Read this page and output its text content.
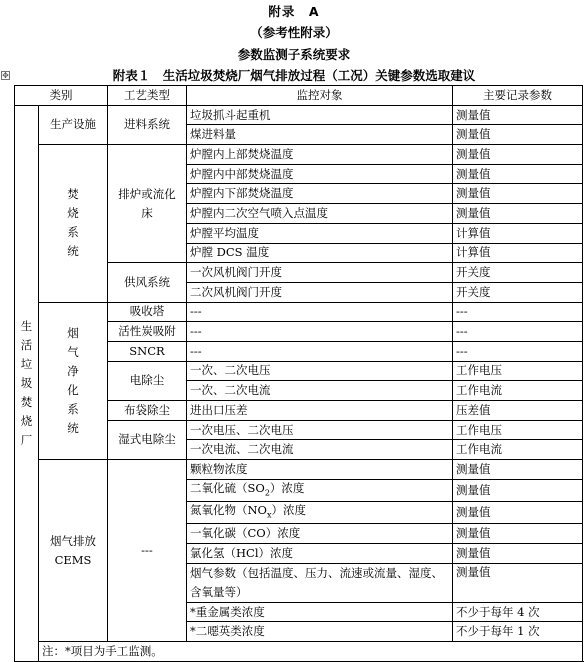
附录　A
（参考性附录）
参数监测子系统要求
✥	附表１　生活垃圾焚烧厂烟气排放过程（工况）关键参数选取建议
类别		工艺类型	监控对象	主要记录参数
生活垃圾焚烧厂	生产设施	进料系统	垃圾抓斗起重机	测量值
			煤进料量	测量值
	焚烧系统	排炉或流化床	炉膛内上部焚烧温度	测量值
			炉膛内中部焚烧温度	测量值
			炉膛内下部焚烧温度	测量值
			炉膛内二次空气喷入点温度	测量值
			炉膛平均温度	计算值
			炉膛 DCS 温度	计算值
		供风系统	一次风机阀门开度	开关度
			二次风机阀门开度	开关度
	烟气净化系统	吸收塔	---	---
		活性炭吸附	---	---
		SNCR	---	---
		电除尘	一次、二次电压	工作电压
			一次、二次电流	工作电流
		布袋除尘	进出口压差	压差值
		湿式电除尘	一次电压、二次电压	工作电压
			一次电流、二次电流	工作电流
	烟气排放CEMS	---	颗粒物浓度	测量值
			二氧化硫$(SO_2)$浓度	测量值
			氮氧化物$(NO_x)$浓度	测量值
			一氧化碳（CO）浓度	测量值
			氯化氢（HCl）浓度	测量值
			烟气参数（包括温度、压力、流速或流量、湿度、含氧量等）	测量值

			*重金属类浓度	不少于每年 4 次
			*二噁英类浓度	不少于每年 1 次
	注：*项目为手工监测。			
